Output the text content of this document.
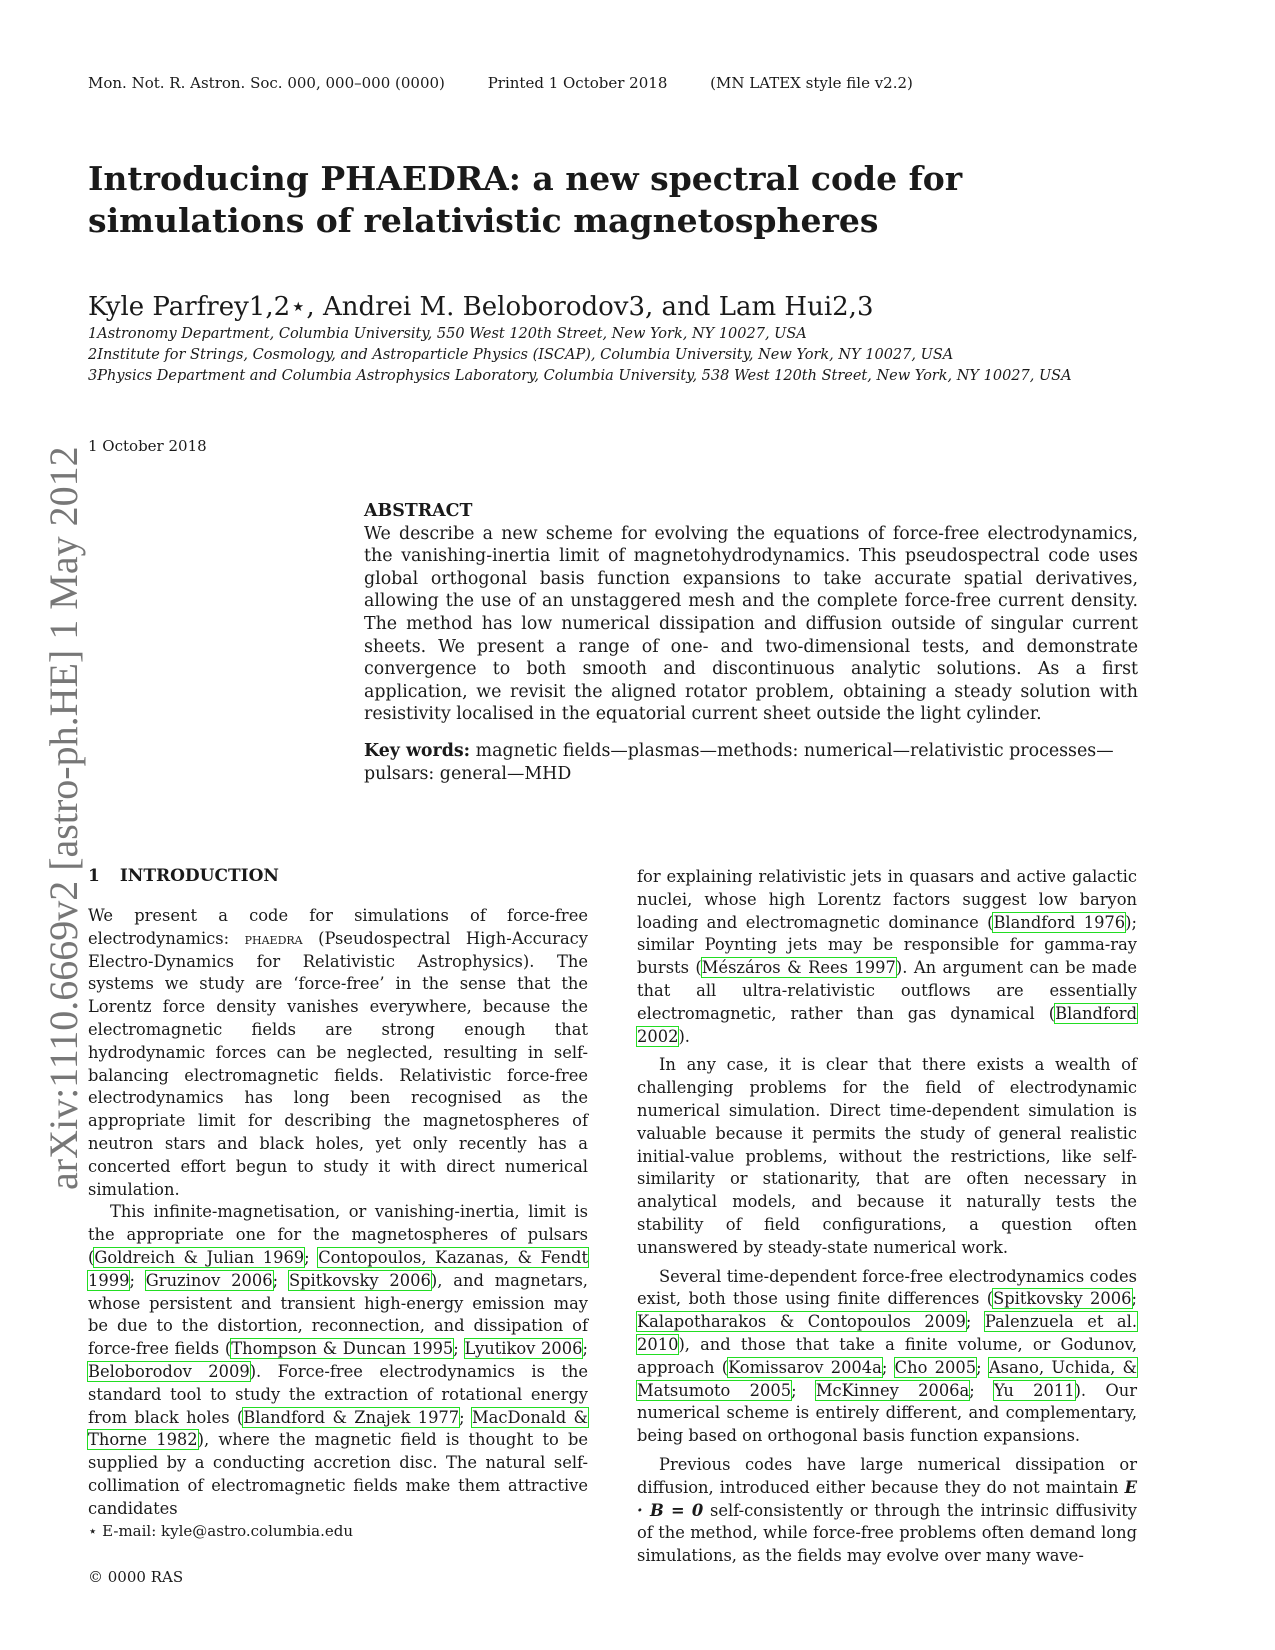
Mon. Not. R. Astron. Soc. 000, 000–000 (0000)	Printed 1 October 2018	(MN LATEX style file v2.2)
Introducing PHAEDRA: a new spectral code for simulations of relativistic magnetospheres
Kyle Parfrey1,2⋆, Andrei M. Beloborodov3, and Lam Hui2,3
1Astronomy Department, Columbia University, 550 West 120th Street, New York, NY 10027, USA
2Institute for Strings, Cosmology, and Astroparticle Physics (ISCAP), Columbia University, New York, NY 10027, USA
3Physics Department and Columbia Astrophysics Laboratory, Columbia University, 538 West 120th Street, New York, NY 10027, USA
1 October 2018
arXiv:1110.6669v2 [astro-ph.HE] 1 May 2012	ABSTRACT
We describe a new scheme for evolving the equations of force-free electrodynamics, the vanishing-inertia limit of magnetohydrodynamics. This pseudospectral code uses global orthogonal basis function expansions to take accurate spatial derivatives, allowing the use of an unstaggered mesh and the complete force-free current density. The method has low numerical dissipation and diffusion outside of singular current sheets. We present a range of one- and two-dimensional tests, and demonstrate convergence to both smooth and discontinuous analytic solutions. As a first application, we revisit the aligned rotator problem, obtaining a steady solution with resistivity localised in the equatorial current sheet outside the light cylinder.
Key words: magnetic fields—plasmas—methods: numerical—relativistic processes—pulsars: general—MHD
1 INTRODUCTION

We present a code for simulations of force-free electrodynamics: phaedra (Pseudospectral High-Accuracy Electro-Dynamics for Relativistic Astrophysics). The systems we study are ‘force-free’ in the sense that the Lorentz force density vanishes everywhere, because the electromagnetic fields are strong enough that hydrodynamic forces can be neglected, resulting in self-balancing electromagnetic fields. Relativistic force-free electrodynamics has long been recognised as the appropriate limit for describing the magnetospheres of neutron stars and black holes, yet only recently has a concerted effort begun to study it with direct numerical simulation.

This infinite-magnetisation, or vanishing-inertia, limit is the appropriate one for the magnetospheres of pulsars (Goldreich & Julian 1969; Contopoulos, Kazanas, & Fendt 1999; Gruzinov 2006; Spitkovsky 2006), and magnetars, whose persistent and transient high-energy emission may be due to the distortion, reconnection, and dissipation of force-free fields (Thompson & Duncan 1995; Lyutikov 2006; Beloborodov 2009). Force-free electrodynamics is the standard tool to study the extraction of rotational energy from black holes (Blandford & Znajek 1977; MacDonald & Thorne 1982), where the magnetic field is thought to be supplied by a conducting accretion disc. The natural self-collimation of electromagnetic fields make them attractive candidates

for explaining relativistic jets in quasars and active galactic nuclei, whose high Lorentz factors suggest low baryon loading and electromagnetic dominance (Blandford 1976); similar Poynting jets may be responsible for gamma-ray bursts (Mészáros & Rees 1997). An argument can be made that all ultra-relativistic outflows are essentially electromagnetic, rather than gas dynamical (Blandford 2002).

In any case, it is clear that there exists a wealth of challenging problems for the field of electrodynamic numerical simulation. Direct time-dependent simulation is valuable because it permits the study of general realistic initial-value problems, without the restrictions, like self-similarity or stationarity, that are often necessary in analytical models, and because it naturally tests the stability of field configurations, a question often unanswered by steady-state numerical work.

Several time-dependent force-free electrodynamics codes exist, both those using finite differences (Spitkovsky 2006; Kalapotharakos & Contopoulos 2009; Palenzuela et al. 2010), and those that take a finite volume, or Godunov, approach (Komissarov 2004a; Cho 2005; Asano, Uchida, & Matsumoto 2005; McKinney 2006a; Yu 2011). Our numerical scheme is entirely different, and complementary, being based on orthogonal basis function expansions.

Previous codes have large numerical dissipation or diffusion, introduced either because they do not maintain E · B = 0 self-consistently or through the intrinsic diffusivity of the method, while force-free problems often demand long simulations, as the fields may evolve over many wave-

⋆ E-mail: kyle@astro.columbia.edu
© 0000 RAS
